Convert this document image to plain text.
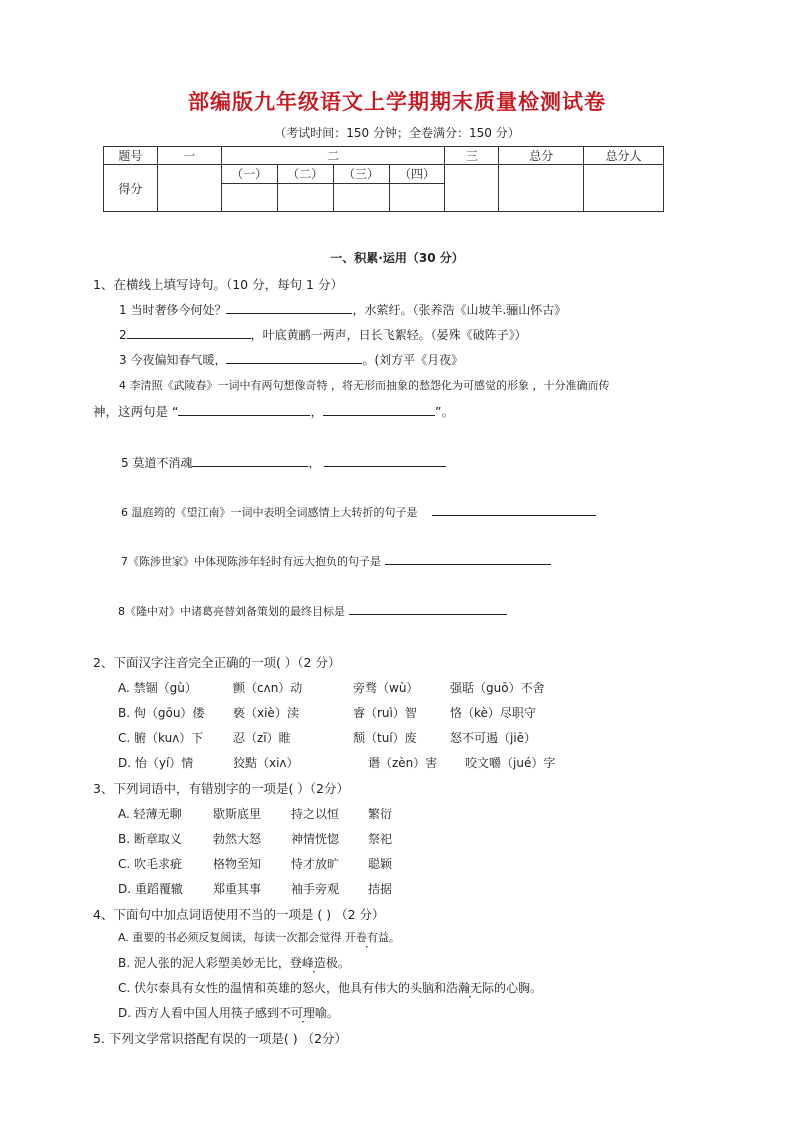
部编版九年级语文上学期期末质量检测试卷
（考试时间：150 分钟；全卷满分：150 分）
题号	一	二				三	总分	总分人
得分		（一）	（二）	（三）	（四）			

一、积累·运用（30 分）
1、在横线上填写诗句。（10 分，每句 1 分）
1 当时奢侈今何处？	，水萦纡。（张养浩《山坡羊.骊山怀古》
2	，叶底黄鹂一两声，日长飞絮轻。（晏殊《破阵子》）
3 今夜偏知春气暖，	。(刘方平《月夜》
4 李清照《武陵春》一词中有两句想像奇特 ，将无形而抽象的愁怨化为可感觉的形象 ，十分准确而传
神，这两句是 “	，	”。
5 莫道不消魂	，
6 温庭筠的《望江南》一词中表明全词感情上大转折的句子是
7《陈涉世家》中体现陈涉年轻时有远大抱负的句子是
8《隆中对》中诸葛亮替刘备策划的最终目标是
2、下面汉字注音完全正确的一项( ）（2 分）
A. 禁锢（gù）	颤（cʌn）动	旁骛（wù）	强聒（guō）不舍
B. 佝（gōu）偻 亵（xiè）渎	睿（ruì）智	恪（kè）尽职守
C. 腑（kuʌ）下 忍（zī）睢	颓（tuí）废	怒不可遏（jiē）
D. 怡（yí）情	狡黠（xiʌ）	谮（zèn）害 咬文嚼（jué）字
3、下列词语中，有错别字的一项是( ）（2分）
A. 轻薄无聊	歇斯底里 持之以恒 繁衍
B. 断章取义	勃然大怒 神情恍惚 祭祀
C. 吹毛求疵	格物至知 恃才放旷 聪颖
D. 重蹈覆辙	郑重其事 袖手旁观 拮据
4、下面句中加点词语使用不当的一项是 ( ) （2 分）
A. 重要的书必须反复阅读，每读一次都会觉得 开卷有益。
B. 泥人张的泥人彩塑美妙无比，登峰造极。
C. 伏尔泰具有女性的温情和英雄的怒火，他具有伟大的头脑和浩瀚无际的心胸。
D. 西方人看中国人用筷子感到不可理喻。
5. 下列文学常识搭配有误的一项是( ) （2分）
